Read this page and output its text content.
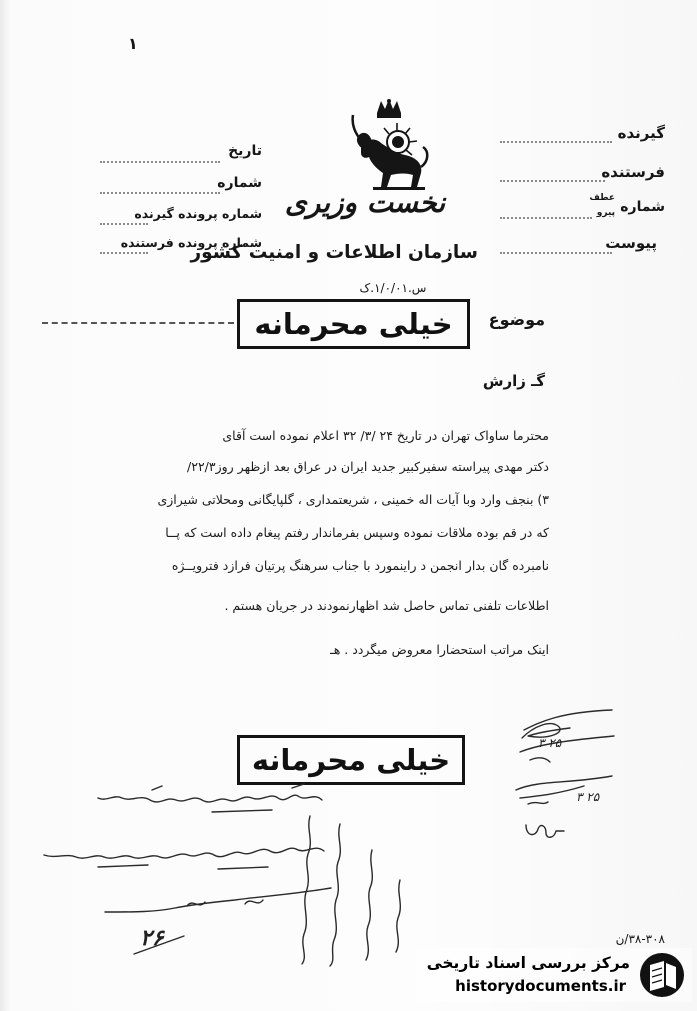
۱
گیرنده
فرستنده
عطف
پیرو شماره
پیوست
تاریخ
شماره
شماره پرونده گیرنده
شماره پرونده فرستنده
نخست وزیری
سازمان اطلاعات و امنیت کشور
س.۱/۰/۰۱.ک
خیلی محرمانه	موضوع
گـ زارش
محترما ساواک تهران در تاریخ ۲۴ /۳/ ۳۲ اعلام نموده است آقای
دکتر مهدی پیراسته سفیرکبیر جدید ایران در عراق بعد ازظهر روز۲۲/۳/
۳) بنجف وارد وبا آیات اله خمینی ، شریعتمداری ، گلپایگانی ومحلاتی شیرازی
که در قم بوده ملاقات نموده وسپس بفرماندار رفتم پیغام داده است که پــا
نامبرده گان بدار انجمن د راینمورد با جناب سرهنگ پرتیان فرازد فترویــژه
اطلاعات تلفنی تماس حاصل شد اظهارنمودند در جریان هستم .
اینک مراتب استحضارا معروض میگردد . هـ
۲۵ ۳
۲۵ ۳
خیلی محرمانه
۲۶	۳۸-۳۰۸/ن
مرکز بررسی اسناد تاریخی
historydocuments.ir
